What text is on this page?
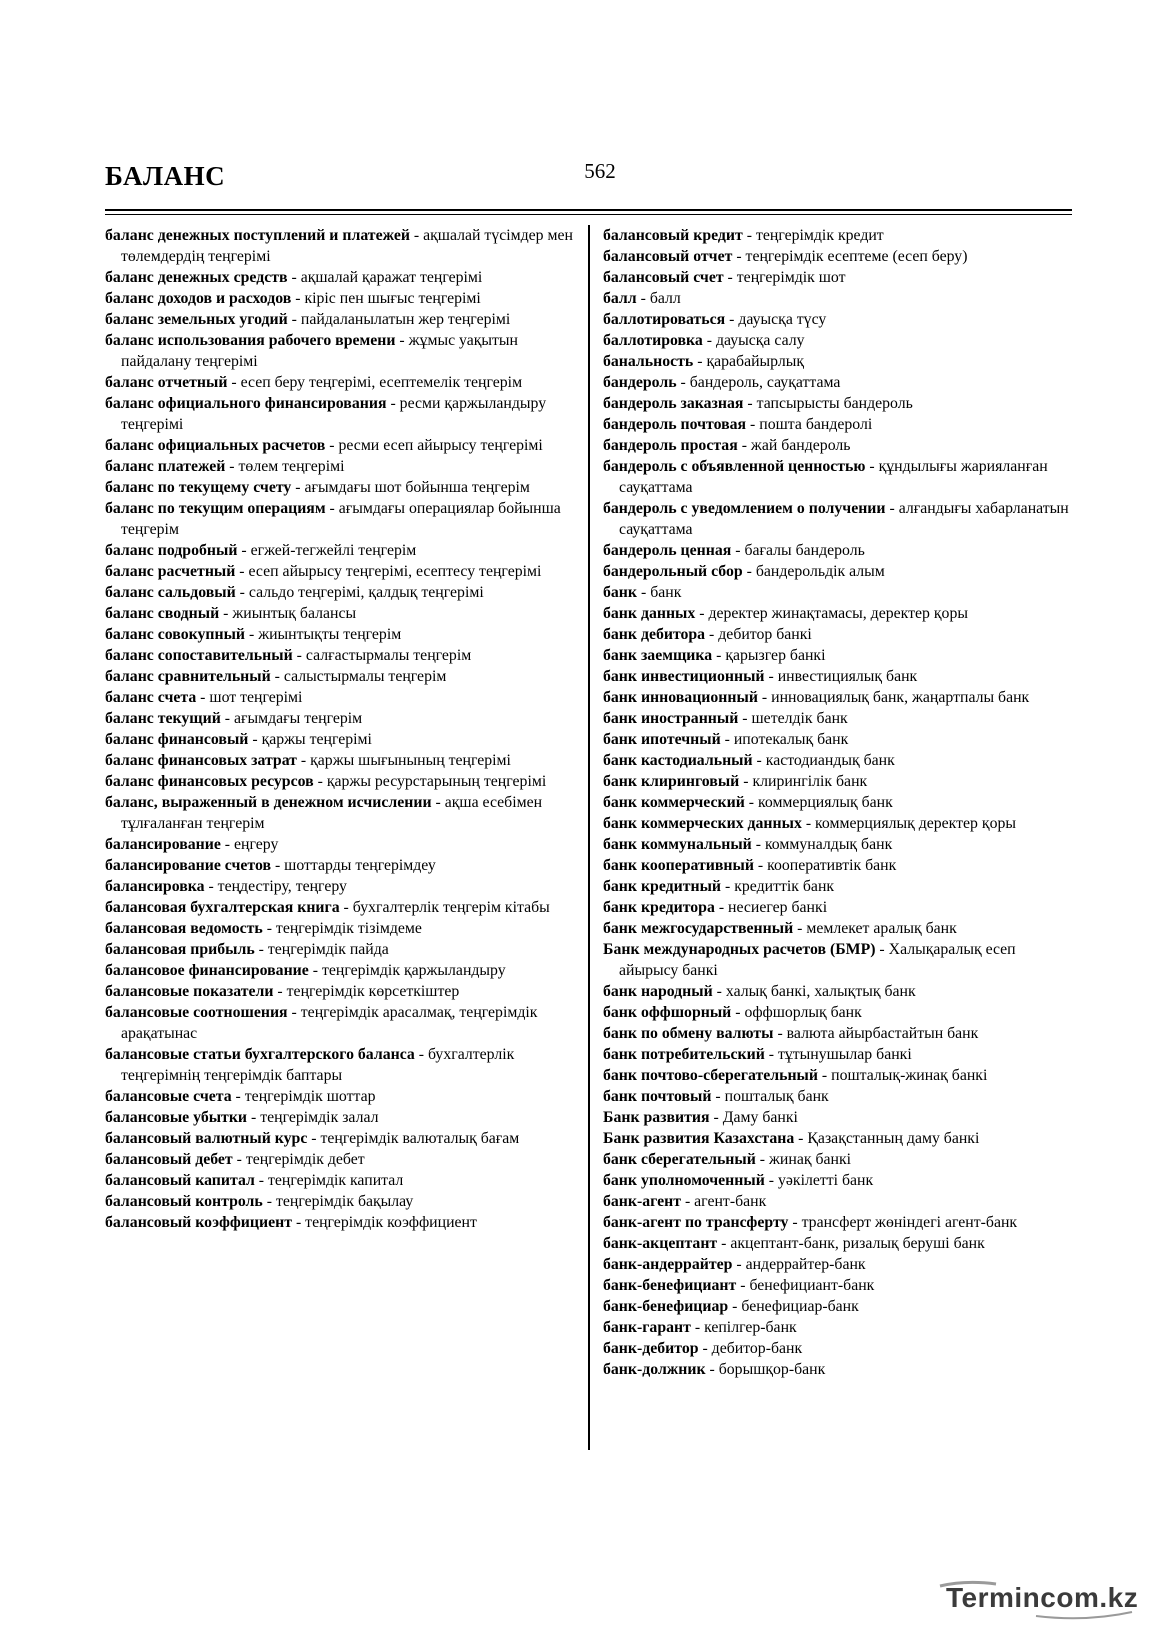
БАЛАНС	562

баланс денежных поступлений и платежей - ақшалай түсімдер мен төлемдердің теңгерімі

баланс денежных средств - ақшалай қаражат теңгерімі

баланс доходов и расходов - кіріс пен шығыс теңгерімі

баланс земельных угодий - пайдаланылатын жер теңгерімі

баланс использования рабочего времени - жұмыс уақытын пайдалану теңгерімі

баланс отчетный - есеп беру теңгерімі, есептемелік теңгерім

баланс официального финансирования - ресми қаржыландыру теңгерімі

баланс официальных расчетов - ресми есеп айырысу теңгерімі

баланс платежей - төлем теңгерімі

баланс по текущему счету - ағымдағы шот бойынша теңгерім

баланс по текущим операциям - ағымдағы операциялар бойынша теңгерім

баланс подробный - егжей-тегжейлі теңгерім

баланс расчетный - есеп айырысу теңгерімі, есептесу теңгерімі

баланс сальдовый - сальдо теңгерімі, қалдық теңгерімі

баланс сводный - жиынтық балансы

баланс совокупный - жиынтықты теңгерім

баланс сопоставительный - салғастырмалы теңгерім

баланс сравнительный - салыстырмалы теңгерім

баланс счета - шот теңгерімі

баланс текущий - ағымдағы теңгерім

баланс финансовый - қаржы теңгерімі

баланс финансовых затрат - қаржы шығынының теңгерімі

баланс финансовых ресурсов - қаржы ресурстарының теңгерімі

баланс, выраженный в денежном исчислении - ақша есебімен тұлғаланған теңгерім

балансирование - еңгеру

балансирование счетов - шоттарды теңгерімдеу

балансировка - теңдестіру, теңгеру

балансовая бухгалтерская книга - бухгалтерлік теңгерім кітабы

балансовая ведомость - теңгерімдік тізімдеме

балансовая прибыль - теңгерімдік пайда

балансовое финансирование - теңгерімдік қаржыландыру

балансовые показатели - теңгерімдік көрсеткіштер

балансовые соотношения - теңгерімдік арасалмақ, теңгерімдік арақатынас

балансовые статьи бухгалтерского баланса - бухгалтерлік теңгерімнің теңгерімдік баптары

балансовые счета - теңгерімдік шоттар

балансовые убытки - теңгерімдік залал

балансовый валютный курс - теңгерімдік валюталық бағам

балансовый дебет - теңгерімдік дебет

балансовый капитал - теңгерімдік капитал

балансовый контроль - теңгерімдік бақылау

балансовый коэффициент - теңгерімдік коэффициент

балансовый кредит - теңгерімдік кредит

балансовый отчет - теңгерімдік есептеме (есеп беру)

балансовый счет - теңгерімдік шот

балл - балл

баллотироваться - дауысқа түсу

баллотировка - дауысқа салу

банальность - қарабайырлық

бандероль - бандероль, сауқаттама

бандероль заказная - тапсырысты бандероль

бандероль почтовая - пошта бандеролі

бандероль простая - жай бандероль

бандероль с объявленной ценностью - құндылығы жарияланған сауқаттама

бандероль с уведомлением о получении - алғандығы хабарланатын сауқаттама

бандероль ценная - бағалы бандероль

бандерольный сбор - бандерольдік алым

банк - банк

банк данных - деректер жинақтамасы, деректер қоры

банк дебитора - дебитор банкі

банк заемщика - қарызгер банкі

банк инвестиционный - инвестициялық банк

банк инновационный - инновациялық банк, жаңартпалы банк

банк иностранный - шетелдік банк

банк ипотечный - ипотекалық банк

банк кастодиальный - кастодиандық банк

банк клиринговый - клирингілік банк

банк коммерческий - коммерциялық банк

банк коммерческих данных - коммерциялық деректер қоры

банк коммунальный - коммуналдық банк

банк кооперативный - кооперативтік банк

банк кредитный - кредиттік банк

банк кредитора - несиегер банкі

банк межгосударственный - мемлекет аралық банк

Банк международных расчетов (БМР) - Халықаралық есеп айырысу банкі

банк народный - халық банкі, халықтық банк

банк оффшорный - оффшорлық банк

банк по обмену валюты - валюта айырбастайтын банк

банк потребительский - тұтынушылар банкі

банк почтово-сберегательный - пошталық-жинақ банкі

банк почтовый - пошталық банк

Банк развития - Даму банкі

Банк развития Казахстана - Қазақстанның даму банкі

банк сберегательный - жинақ банкі

банк уполномоченный - уәкілетті банк

банк-агент - агент-банк

банк-агент по трансферту - трансферт жөніндегі агент-банк

банк-акцептант - акцептант-банк, ризалық беруші банк

банк-андеррайтер - андеррайтер-банк

банк-бенефициант - бенефициант-банк

банк-бенефициар - бенефициар-банк

банк-гарант - кепілгер-банк

банк-дебитор - дебитор-банк

банк-должник - борышқор-банк

Termincom.kz
